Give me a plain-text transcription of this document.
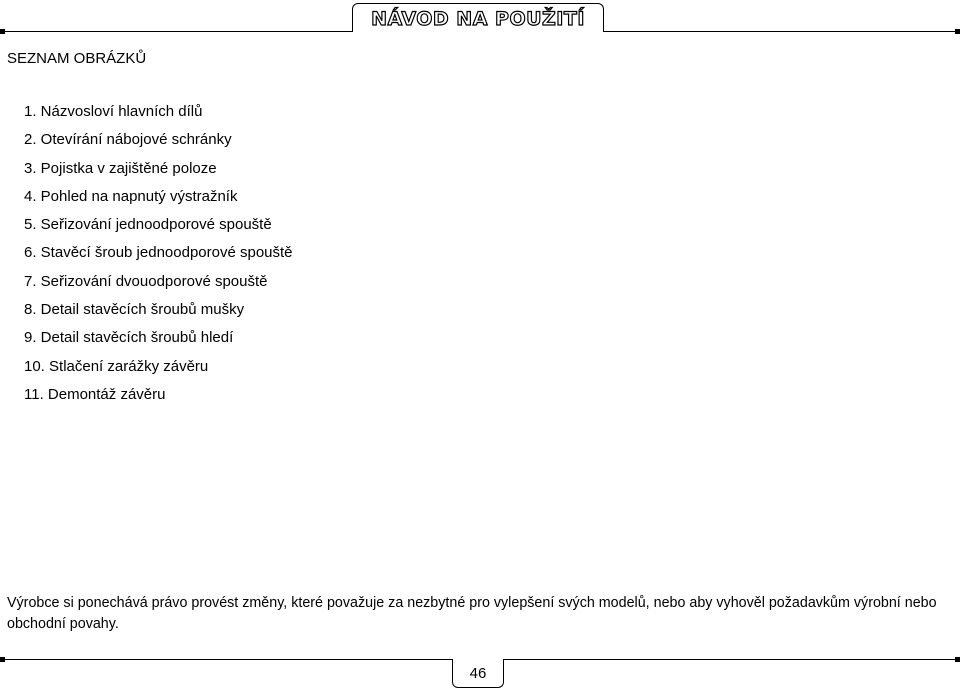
NÁVOD NA POUŽITÍ
SEZNAM OBRÁZKŮ
1. Názvosloví hlavních dílů
2. Otevírání nábojové schránky
3. Pojistka v zajištěné poloze
4. Pohled na napnutý výstražník
5. Seřizování jednoodporové spouště
6. Stavěcí šroub jednoodporové spouště
7. Seřizování dvouodporové spouště
8. Detail stavěcích šroubů mušky
9. Detail stavěcích šroubů hledí
10. Stlačení zarážky závěru
11. Demontáž závěru
Výrobce si ponechává právo provést změny, které považuje za nezbytné pro vylepšení svých modelů, nebo aby vyhověl požadavkům výrobní nebo obchodní povahy.
46
